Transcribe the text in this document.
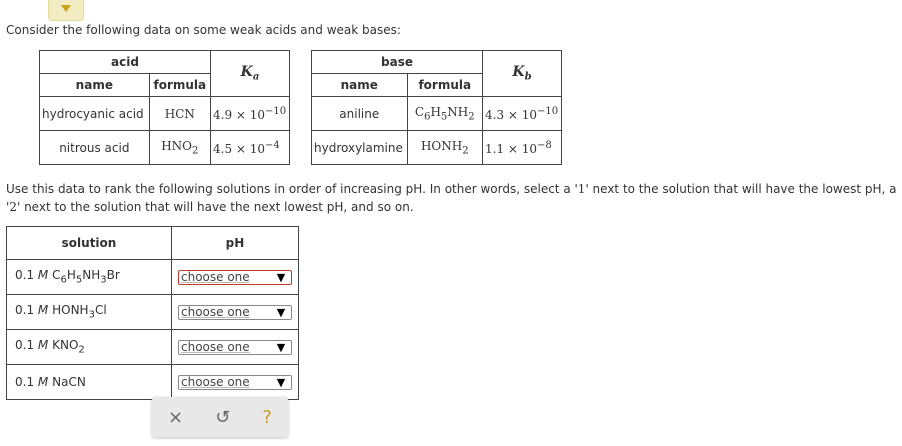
Consider the following data on some weak acids and weak bases:
acid		$K_a$
name	formula	
hydrocyanic acid	HCN	$4.9 \times 10^{-10}$
nitrous acid	$HNO_2$	$4.5 \times 10^{-4}$
base		$K_b$
name	formula	
aniline	$C_6H_5NH_2$	$4.3 \times 10^{-10}$
hydroxylamine	$HONH_2$	$1.1 \times 10^{-8}$
Use this data to rank the following solutions in order of increasing pH. In other words, select a '1' next to the solution that will have the lowest pH, a '2' next to the solution that will have the next lowest pH, and so on.
solution	pH
0.1 M $C_6H_5NH_3Br$	choose one ▼

0.1 M $HONH_3Cl$	choose one ▼

0.1 M $KNO_2$	choose one ▼

0.1 M NaCN	choose one ▼
× ↺ ?
